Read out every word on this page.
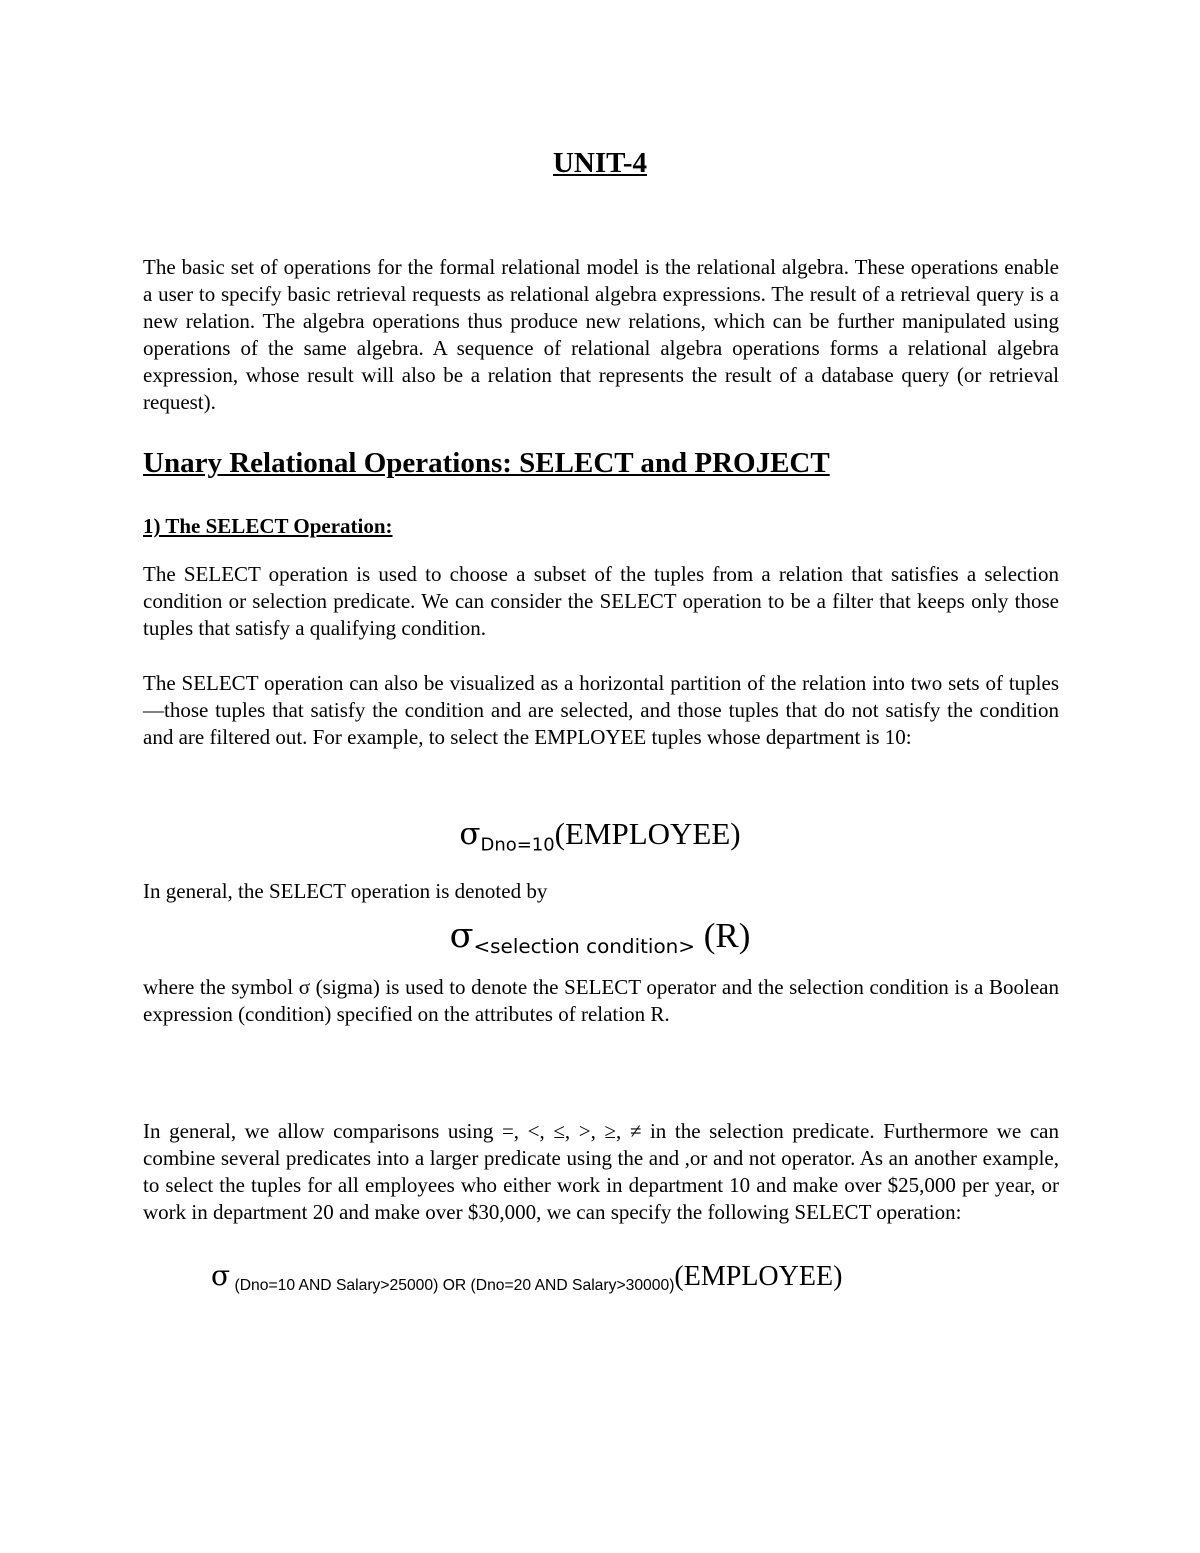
UNIT-4

The basic set of operations for the formal relational model is the relational algebra. These operations enable a user to specify basic retrieval requests as relational algebra expressions. The result of a retrieval query is a new relation. The algebra operations thus produce new relations, which can be further manipulated using operations of the same algebra. A sequence of relational algebra operations forms a relational algebra expression, whose result will also be a relation that represents the result of a database query (or retrieval request).

Unary Relational Operations: SELECT and PROJECT
1) The SELECT Operation:

The SELECT operation is used to choose a subset of the tuples from a relation that satisfies a selection condition or selection predicate. We can consider the SELECT operation to be a filter that keeps only those tuples that satisfy a qualifying condition.

The SELECT operation can also be visualized as a horizontal partition of the relation into two sets of tuples—those tuples that satisfy the condition and are selected, and those tuples that do not satisfy the condition and are filtered out. For example, to select the EMPLOYEE tuples whose department is 10:

$\sigma_{Dno=10}(EMPLOYEE)$

In general, the SELECT operation is denoted by

σ<selection condition> (R)

where the symbol σ (sigma) is used to denote the SELECT operator and the selection condition is a Boolean expression (condition) specified on the attributes of relation R.

In general, we allow comparisons using =, <, ≤, >, ≥, ≠ in the selection predicate. Furthermore we can combine several predicates into a larger predicate using the and ,or and not operator. As an another example, to select the tuples for all employees who either work in department 10 and make over $25,000 per year, or work in department 20 and make over $30,000, we can specify the following SELECT operation:

σ (Dno=10 AND Salary>25000) OR (Dno=20 AND Salary>30000)(EMPLOYEE)
